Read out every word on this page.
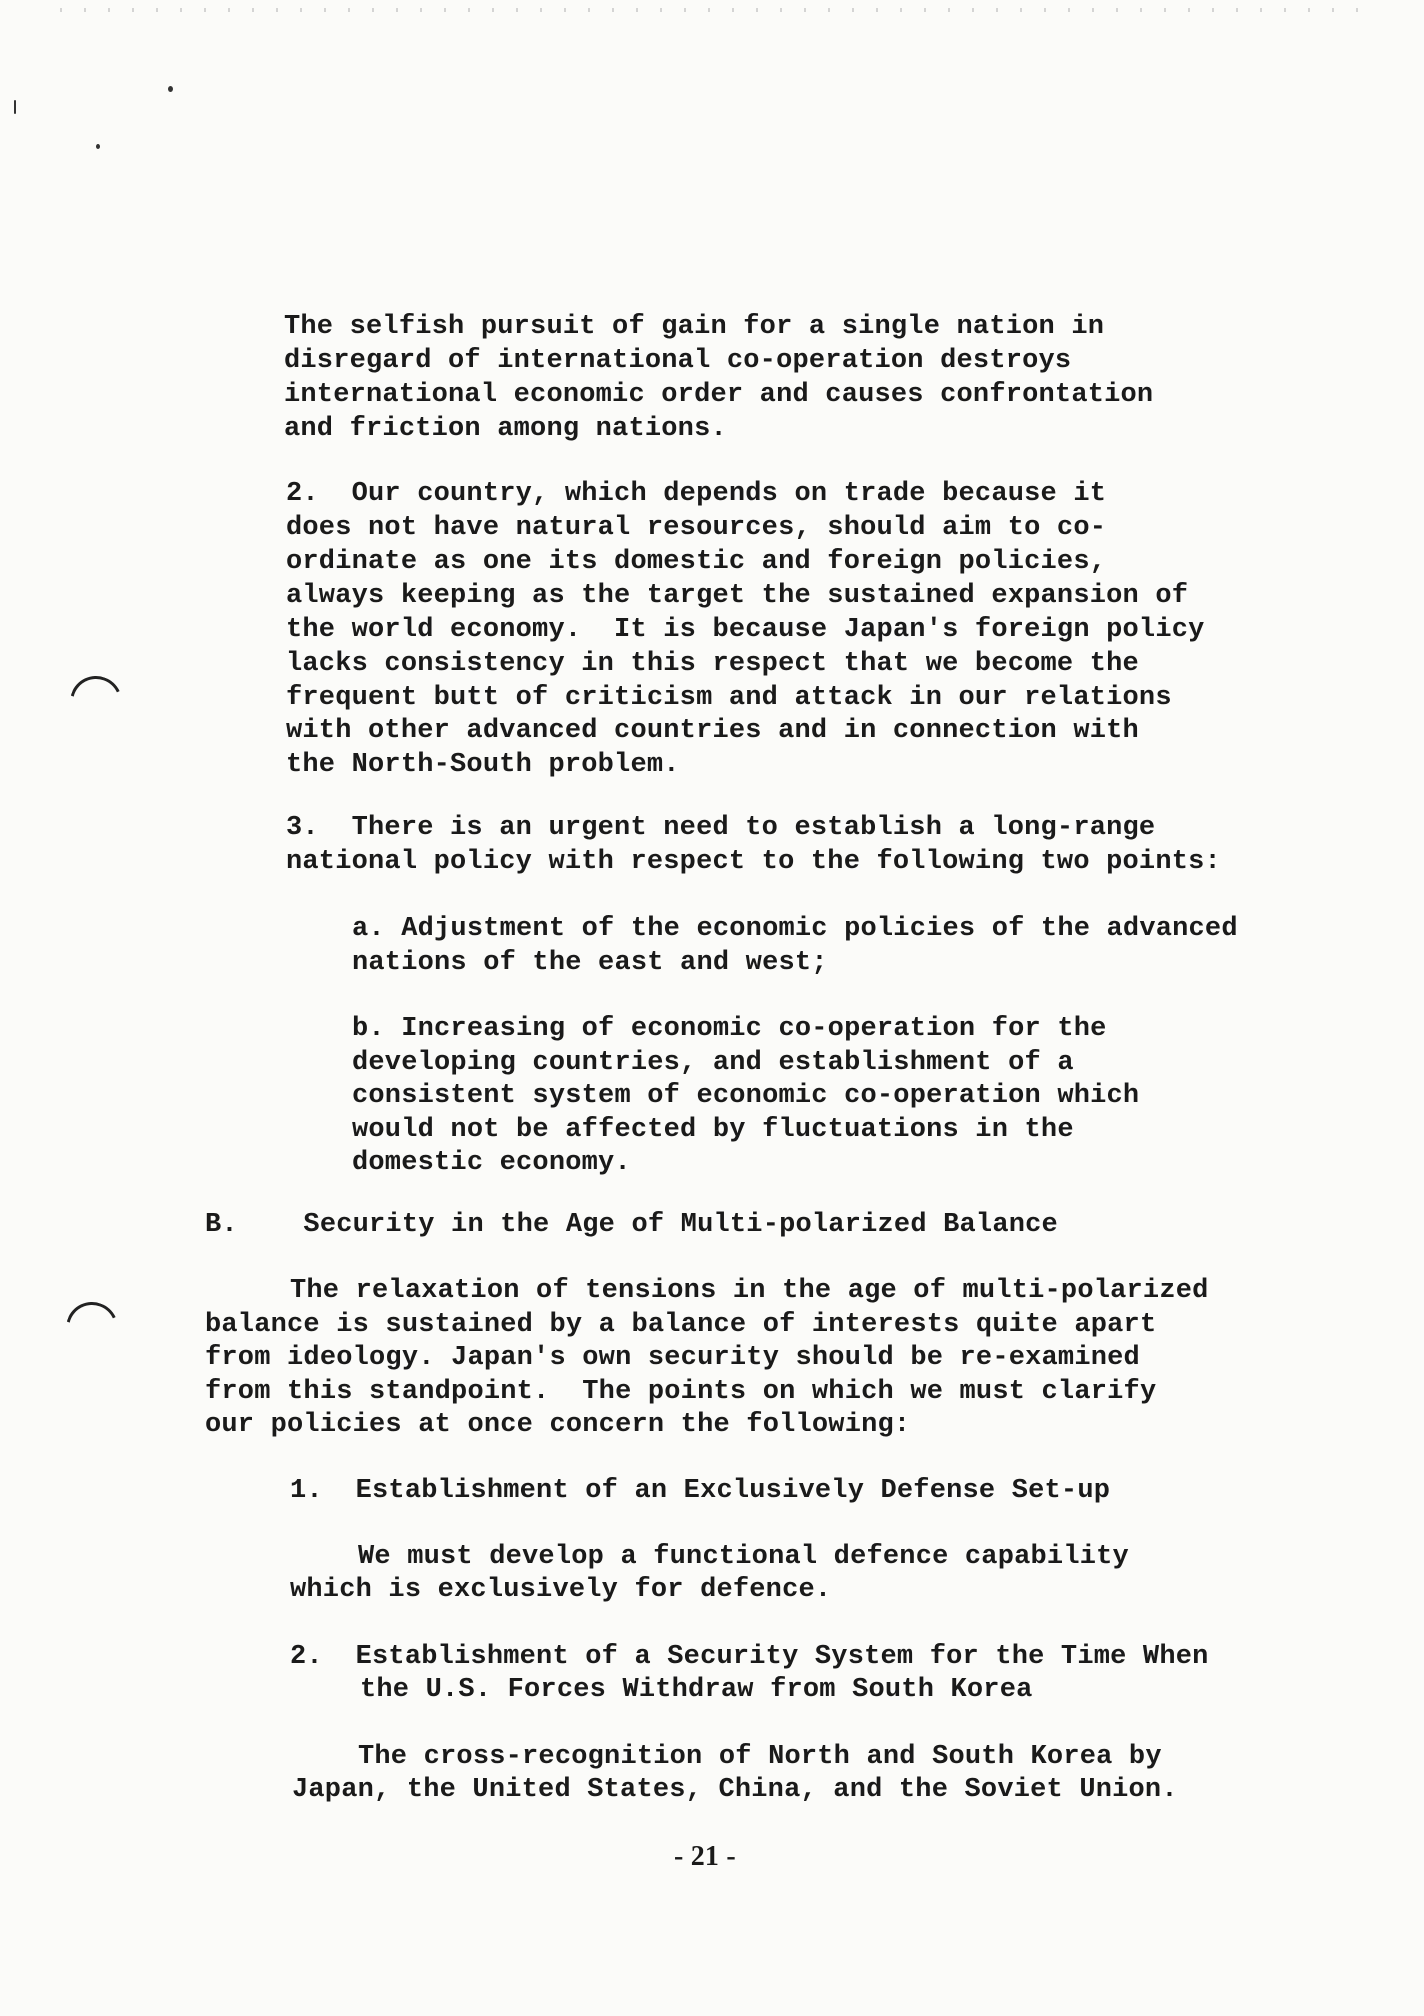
The selfish pursuit of gain for a single nation in
disregard of international co-operation destroys
international economic order and causes confrontation
and friction among nations.
2.  Our country, which depends on trade because it
does not have natural resources, should aim to co-
ordinate as one its domestic and foreign policies,
always keeping as the target the sustained expansion of
the world economy.  It is because Japan's foreign policy
lacks consistency in this respect that we become the
frequent butt of criticism and attack in our relations
with other advanced countries and in connection with
the North-South problem.
3.  There is an urgent need to establish a long-range
national policy with respect to the following two points:
a. Adjustment of the economic policies of the advanced
nations of the east and west;
b. Increasing of economic co-operation for the
developing countries, and establishment of a
consistent system of economic co-operation which
would not be affected by fluctuations in the
domestic economy.
B.    Security in the Age of Multi-polarized Balance
The relaxation of tensions in the age of multi-polarized
balance is sustained by a balance of interests quite apart
from ideology. Japan's own security should be re-examined
from this standpoint.  The points on which we must clarify
our policies at once concern the following:
1.  Establishment of an Exclusively Defense Set-up
We must develop a functional defence capability
which is exclusively for defence.
2.  Establishment of a Security System for the Time When
the U.S. Forces Withdraw from South Korea
The cross-recognition of North and South Korea by
Japan, the United States, China, and the Soviet Union.
- 21 -
